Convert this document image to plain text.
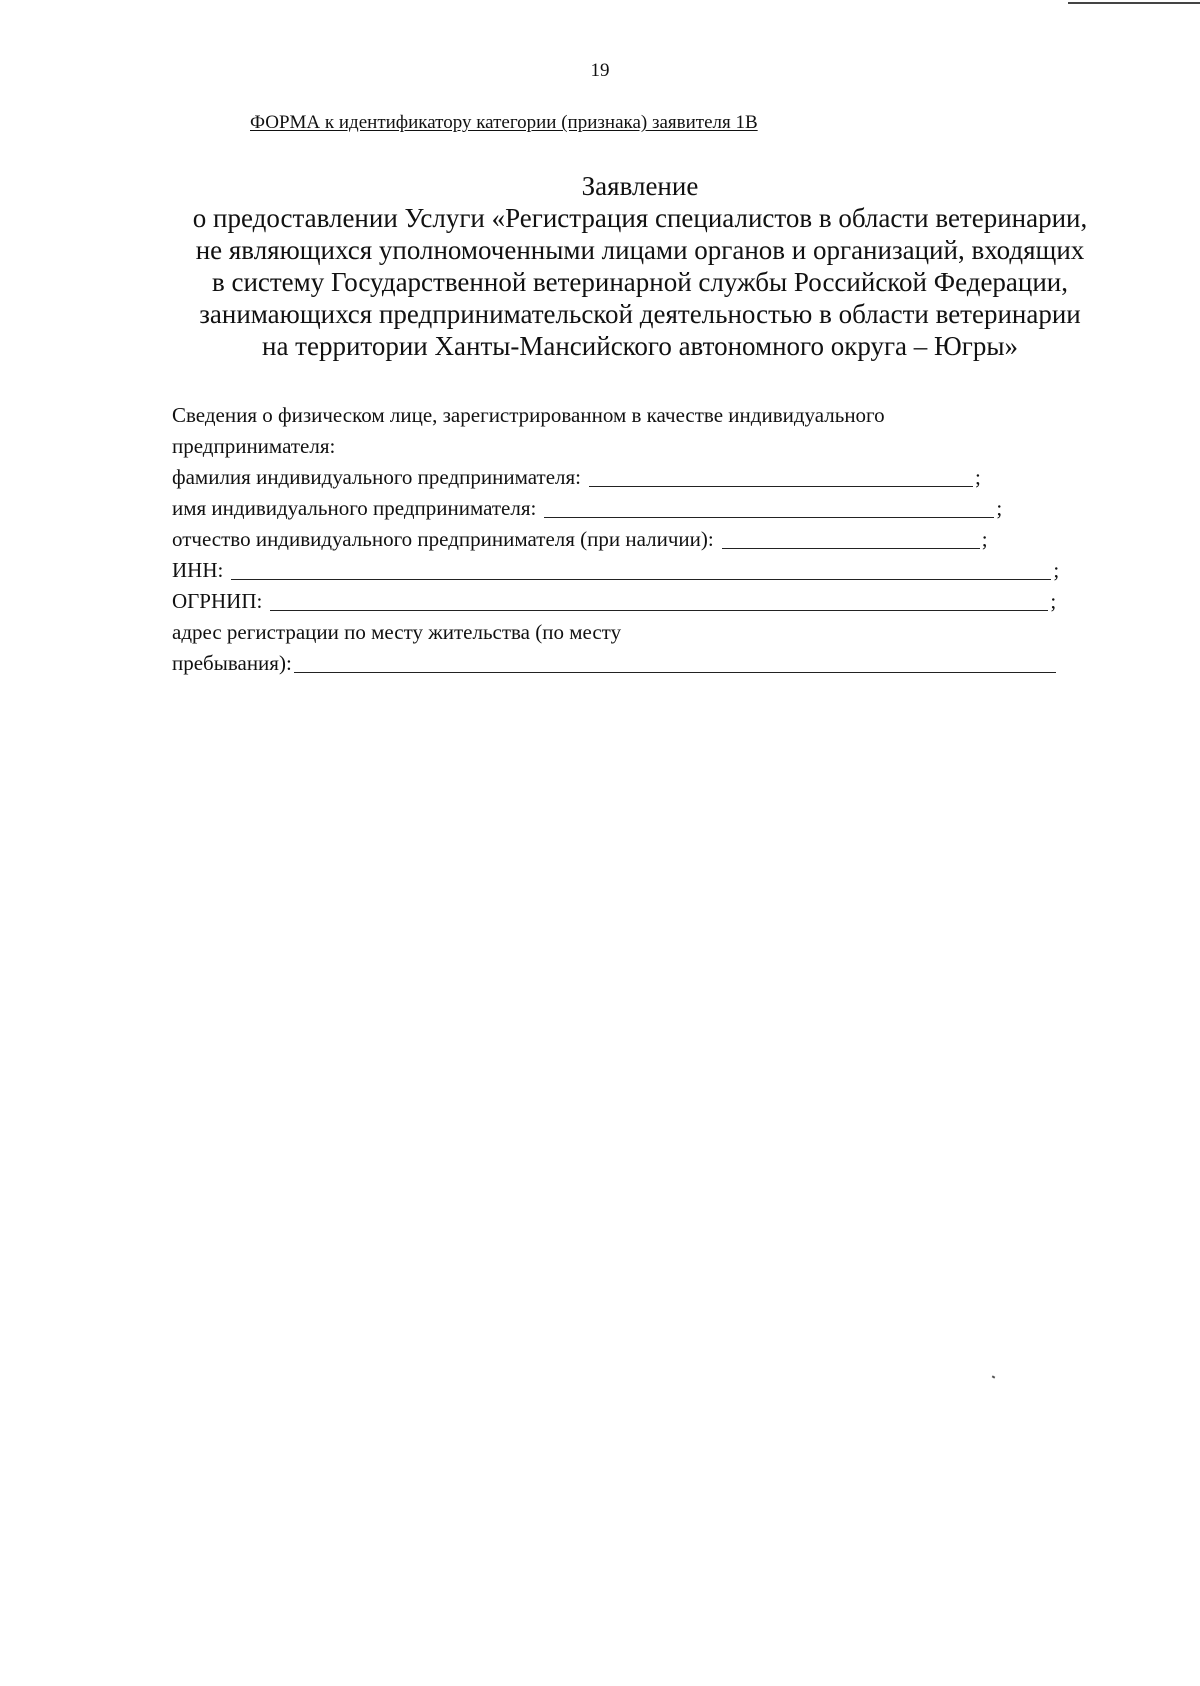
19
ФОРМА к идентификатору категории (признака) заявителя 1В
Заявление
о предоставлении Услуги «Регистрация специалистов в области ветеринарии,
не являющихся уполномоченными лицами органов и организаций, входящих
в систему Государственной ветеринарной службы Российской Федерации,
занимающихся предпринимательской деятельностью в области ветеринарии
на территории Ханты-Мансийского автономного округа – Югры»
Сведения о физическом лице, зарегистрированном в качестве индивидуального
предпринимателя:
фамилия индивидуального предпринимателя:	;
имя индивидуального предпринимателя:	;
отчество индивидуального предпринимателя (при наличии):	;
ИНН:	;
ОГРНИП:	;
адрес регистрации по месту жительства (по месту
пребывания):
